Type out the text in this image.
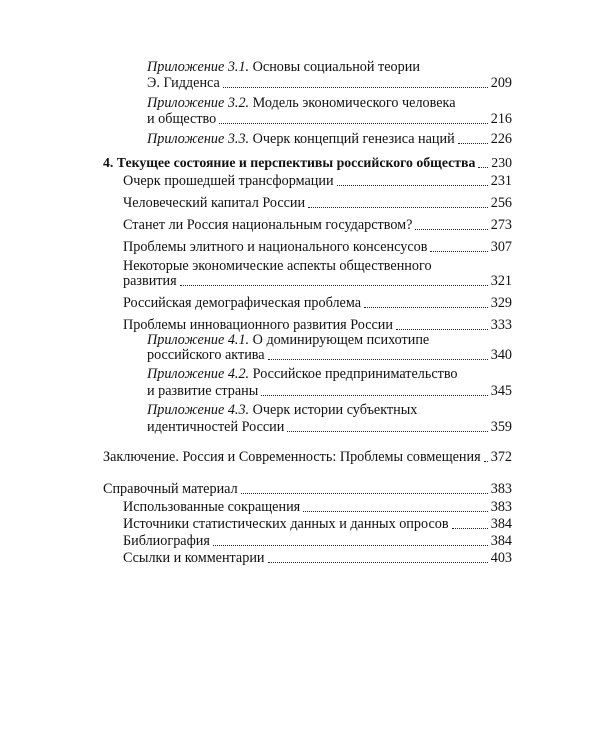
Приложение 3.1. Основы социальной теории
Э. Гидденса	209
Приложение 3.2. Модель экономического человека
и общество	216
Приложение 3.3. Очерк концепций генезиса наций	226
4. Текущее состояние и перспективы российского общества 230
Очерк прошедшей трансформации	231
Человеческий капитал России	256
Станет ли Россия национальным государством?	273
Проблемы элитного и национального консенсусов	307
Некоторые экономические аспекты общественного
развития	321
Российская демографическая проблема	329
Проблемы инновационного развития России	333
Приложение 4.1. О доминирующем психотипе
российского актива	340
Приложение 4.2. Российское предпринимательство
и развитие страны	345
Приложение 4.3. Очерк истории субъектных
идентичностей России	359
Заключение. Россия и Современность: Проблемы совмещения 372
Справочный материал	383
Использованные сокращения	383
Источники статистических данных и данных опросов	384
Библиография	384
Ссылки и комментарии	403
